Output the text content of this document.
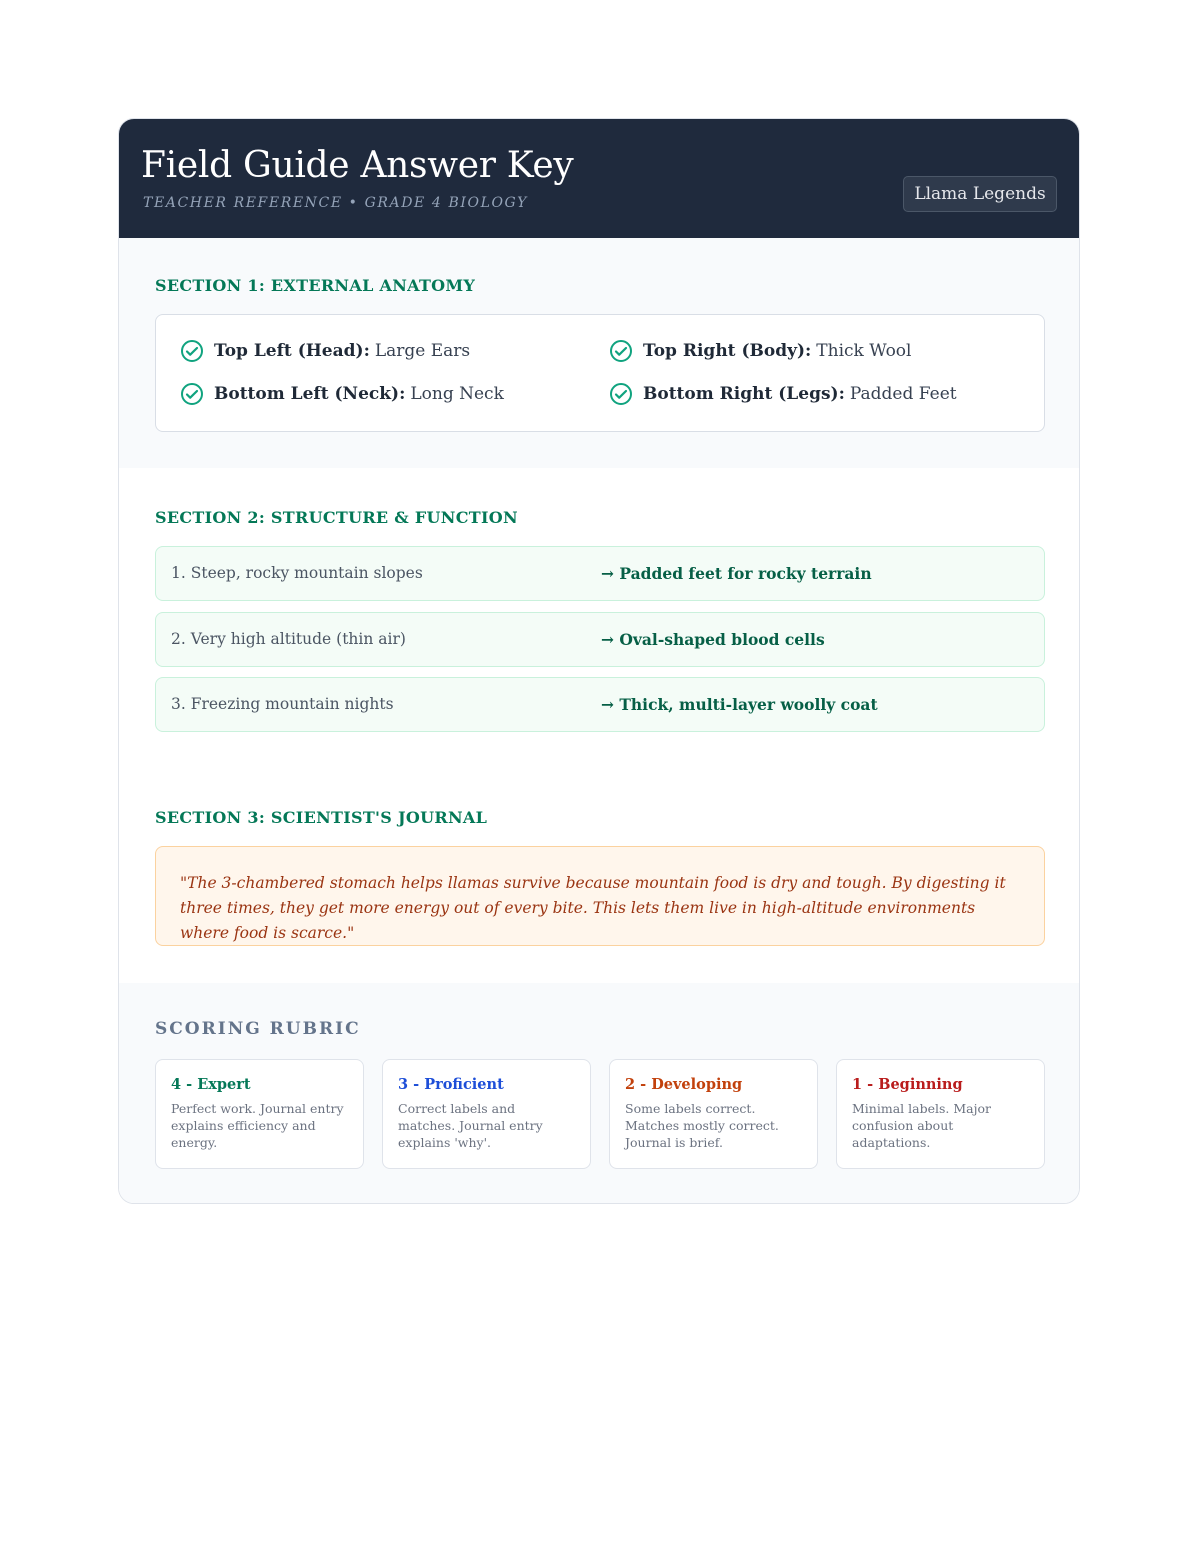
Field Guide Answer Key
TEACHER REFERENCE • GRADE 4 BIOLOGY	Llama Legends
SECTION 1: EXTERNAL ANATOMY
Top Left (Head): Large Ears	Top Right (Body): Thick Wool
Bottom Left (Neck): Long Neck	Bottom Right (Legs): Padded Feet
SECTION 2: STRUCTURE & FUNCTION
1. Steep, rocky mountain slopes	→ Padded feet for rocky terrain
2. Very high altitude (thin air)	→ Oval-shaped blood cells
3. Freezing mountain nights	→ Thick, multi-layer woolly coat
SECTION 3: SCIENTIST'S JOURNAL
"The 3-chambered stomach helps llamas survive because mountain food is dry and tough. By digesting it three times, they get more energy out of every bite. This lets them live in high-altitude environments where food is scarce."
SCORING RUBRIC
4 - Expert
Perfect work. Journal entry explains efficiency and energy.
3 - Proficient
Correct labels and matches. Journal entry explains 'why'.
2 - Developing
Some labels correct. Matches mostly correct. Journal is brief.
1 - Beginning
Minimal labels. Major confusion about adaptations.
